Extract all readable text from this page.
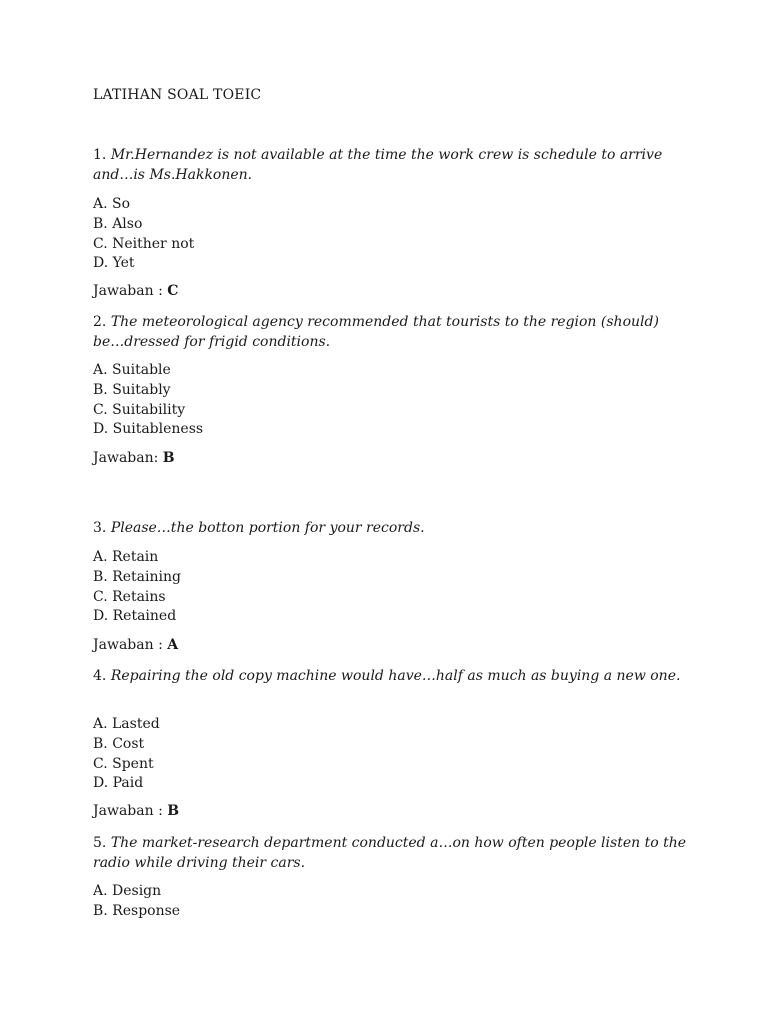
LATIHAN SOAL TOEIC
1. Mr.Hernandez is not available at the time the work crew is schedule to arrive and…is Ms.Hakkonen.
A. So
B. Also
C. Neither not
D. Yet
Jawaban : C
2. The meteorological agency recommended that tourists to the region (should) be…dressed for frigid conditions.
A. Suitable
B. Suitably
C. Suitability
D. Suitableness
Jawaban: B
3. Please…the botton portion for your records.
A. Retain
B. Retaining
C. Retains
D. Retained
Jawaban : A
4. Repairing the old copy machine would have…half as much as buying a new one.
A. Lasted
B. Cost
C. Spent
D. Paid
Jawaban : B
5. The market-research department conducted a…on how often people listen to the radio while driving their cars.
A. Design
B. Response
